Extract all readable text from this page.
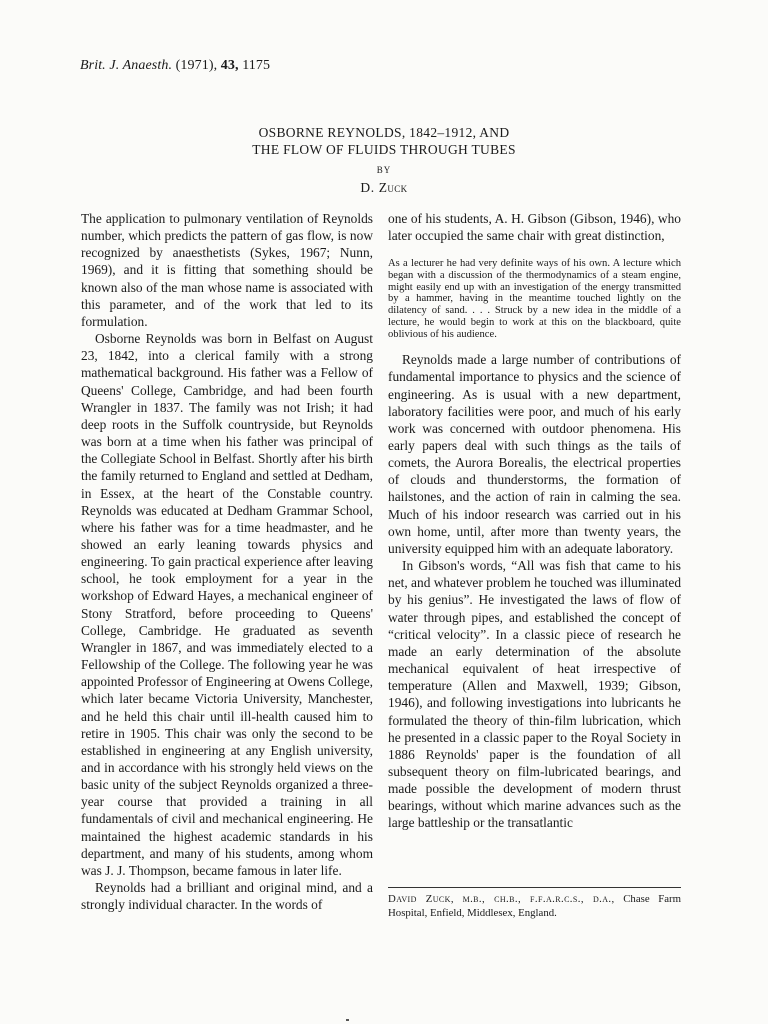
Brit. J. Anaesth. (1971), 43, 1175
OSBORNE REYNOLDS, 1842–1912, AND
THE FLOW OF FLUIDS THROUGH TUBES
BY
D. Zuck

The application to pulmonary ventilation of Reynolds number, which predicts the pattern of gas flow, is now recognized by anaesthetists (Sykes, 1967; Nunn, 1969), and it is fitting that something should be known also of the man whose name is associated with this parameter, and of the work that led to its formulation.

Osborne Reynolds was born in Belfast on August 23, 1842, into a clerical family with a strong mathematical background. His father was a Fellow of Queens' College, Cambridge, and had been fourth Wrangler in 1837. The family was not Irish; it had deep roots in the Suffolk countryside, but Reynolds was born at a time when his father was principal of the Collegiate School in Belfast. Shortly after his birth the family returned to England and settled at Dedham, in Essex, at the heart of the Constable country. Reynolds was educated at Dedham Grammar School, where his father was for a time headmaster, and he showed an early leaning towards physics and engineering. To gain practical experience after leaving school, he took employment for a year in the workshop of Edward Hayes, a mechanical engineer of Stony Stratford, before proceeding to Queens' College, Cambridge. He graduated as seventh Wrangler in 1867, and was immediately elected to a Fellowship of the College. The following year he was appointed Professor of Engineering at Owens College, which later became Victoria University, Manchester, and he held this chair until ill-health caused him to retire in 1905. This chair was only the second to be established in engineering at any English university, and in accordance with his strongly held views on the basic unity of the subject Reynolds organized a three-year course that provided a training in all fundamentals of civil and mechanical engineering. He maintained the highest academic standards in his department, and many of his students, among whom was J. J. Thompson, became famous in later life.

Reynolds had a brilliant and original mind, and a strongly individual character. In the words of

one of his students, A. H. Gibson (Gibson, 1946), who later occupied the same chair with great distinction,

As a lecturer he had very definite ways of his own. A lecture which began with a discussion of the thermodynamics of a steam engine, might easily end up with an investigation of the energy transmitted by a hammer, having in the meantime touched lightly on the dilatency of sand. . . . Struck by a new idea in the middle of a lecture, he would begin to work at this on the blackboard, quite oblivious of his audience.

Reynolds made a large number of contributions of fundamental importance to physics and the science of engineering. As is usual with a new department, laboratory facilities were poor, and much of his early work was concerned with outdoor phenomena. His early papers deal with such things as the tails of comets, the Aurora Borealis, the electrical properties of clouds and thunderstorms, the formation of hailstones, and the action of rain in calming the sea. Much of his indoor research was carried out in his own home, until, after more than twenty years, the university equipped him with an adequate laboratory.

In Gibson's words, “All was fish that came to his net, and whatever problem he touched was illuminated by his genius”. He investigated the laws of flow of water through pipes, and established the concept of “critical velocity”. In a classic piece of research he made an early determination of the absolute mechanical equivalent of heat irrespective of temperature (Allen and Maxwell, 1939; Gibson, 1946), and following investigations into lubricants he formulated the theory of thin-film lubrication, which he presented in a classic paper to the Royal Society in 1886 Reynolds' paper is the foundation of all subsequent theory on film-lubricated bearings, and made possible the development of modern thrust bearings, without which marine advances such as the large battleship or the transatlantic

David Zuck, m.b., ch.b., f.f.a.r.c.s., d.a., Chase Farm Hospital, Enfield, Middlesex, England.
